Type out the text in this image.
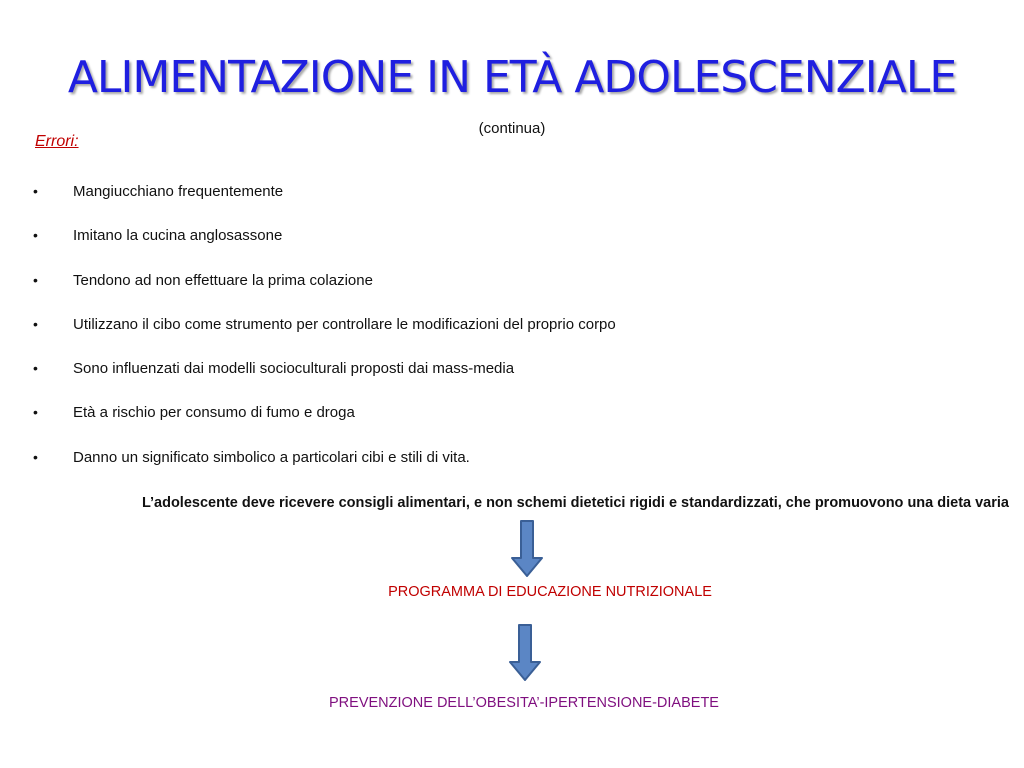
ALIMENTAZIONE IN ETÀ ADOLESCENZIALE
(continua)
Errori:
• Mangiucchiano frequentemente
• Imitano la cucina anglosassone
• Tendono ad non effettuare la prima colazione
• Utilizzano il cibo come strumento per controllare le modificazioni del proprio corpo
• Sono influenzati dai modelli socioculturali proposti dai mass-media
• Età a rischio per consumo di fumo e droga
• Danno un significato simbolico a particolari cibi e stili di vita.
L’adolescente deve ricevere consigli alimentari, e non schemi dietetici rigidi e standardizzati, che promuovono una dieta varia
PROGRAMMA DI EDUCAZIONE NUTRIZIONALE
PREVENZIONE DELL’OBESITA’-IPERTENSIONE-DIABETE
